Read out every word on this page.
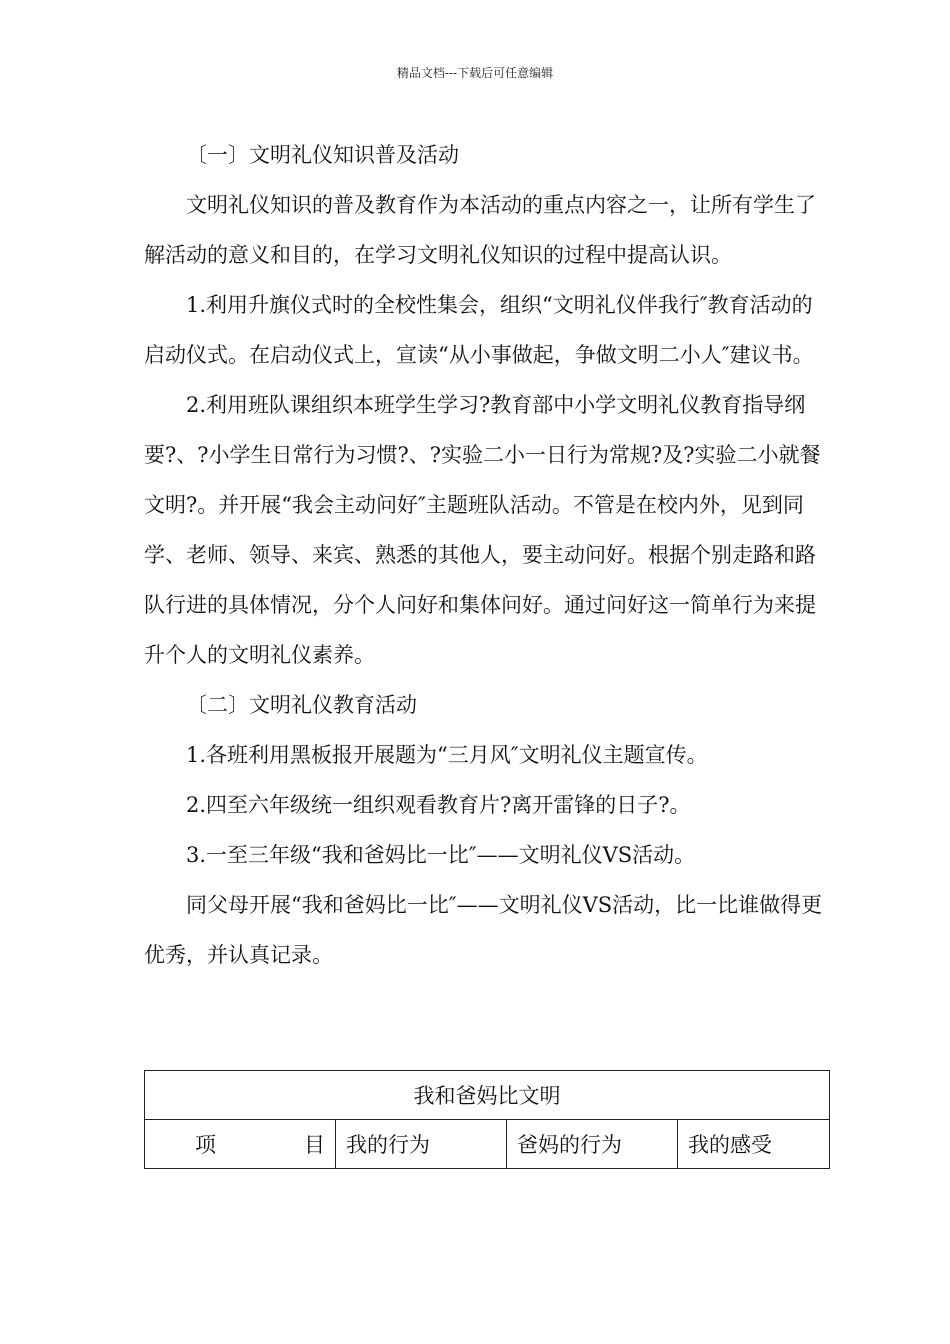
精品文档---下载后可任意编辑

〔一〕文明礼仪知识普及活动

文明礼仪知识的普及教育作为本活动的重点内容之一，让所有学生了解活动的意义和目的，在学习文明礼仪知识的过程中提高认识。

1.利用升旗仪式时的全校性集会，组织“文明礼仪伴我行″教育活动的启动仪式。在启动仪式上，宣读“从小事做起，争做文明二小人″建议书。

2.利用班队课组织本班学生学习?教育部中小学文明礼仪教育指导纲要?、?小学生日常行为习惯?、?实验二小一日行为常规?及?实验二小就餐文明?。并开展“我会主动问好″主题班队活动。不管是在校内外，见到同学、老师、领导、来宾、熟悉的其他人，要主动问好。根据个别走路和路队行进的具体情况，分个人问好和集体问好。通过问好这一简单行为来提升个人的文明礼仪素养。

〔二〕文明礼仪教育活动

1.各班利用黑板报开展题为“三月风″文明礼仪主题宣传。

2.四至六年级统一组织观看教育片?离开雷锋的日子?。

3.一至三年级“我和爸妈比一比″——文明礼仪VS活动。

同父母开展“我和爸妈比一比″——文明礼仪VS活动，比一比谁做得更优秀，并认真记录。

我和爸妈比文明
项　　目	我的行为	爸妈的行为	我的感受
